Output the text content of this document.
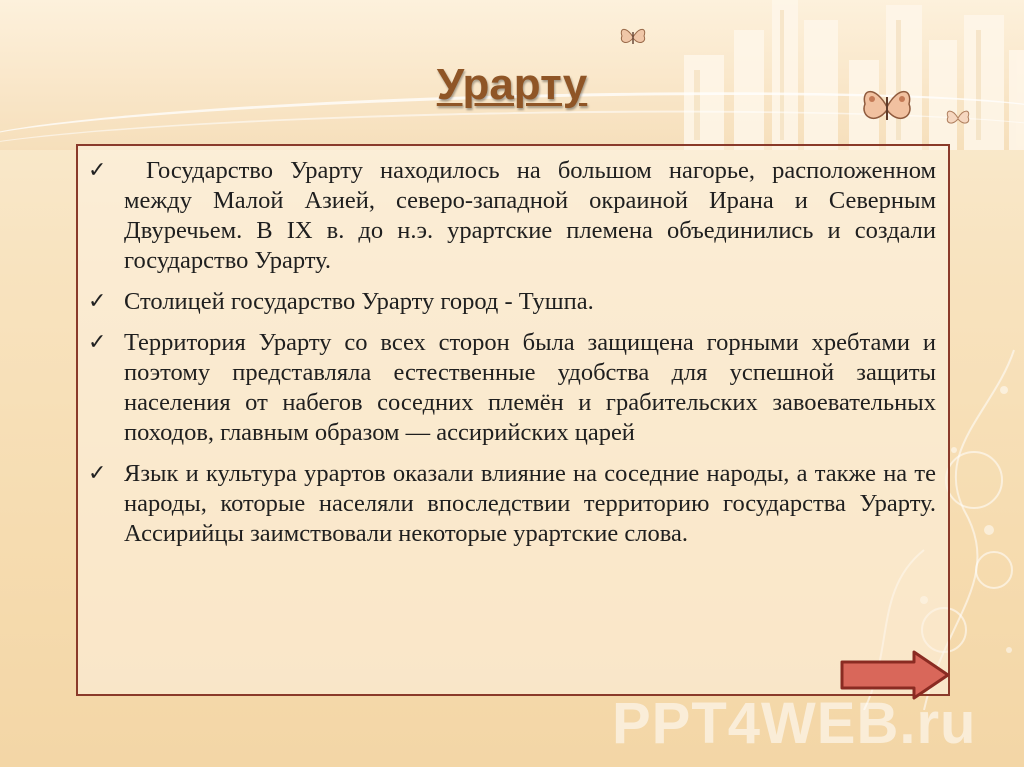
Урарту
✓	Государство Урарту находилось на большом нагорье, расположенном между Малой Азией, северо-западной окраиной Ирана и Северным Двуречьем. В IX в. до н.э. урартские племена объединились и создали государство Урарту.
✓ Столицей государство Урарту город - Тушпа.
✓ Территория Урарту со всех сторон была защищена горными хребтами и поэтому представляла естественные удобства для успешной защиты населения от набегов соседних племён и грабительских завоевательных походов, главным образом — ассирийских царей
✓ Язык и культура урартов оказали влияние на соседние народы, а также на те народы, которые населяли впоследствии территорию государства Урарту. Ассирийцы заимствовали некоторые урартские слова.
PPT4WEB.ru
